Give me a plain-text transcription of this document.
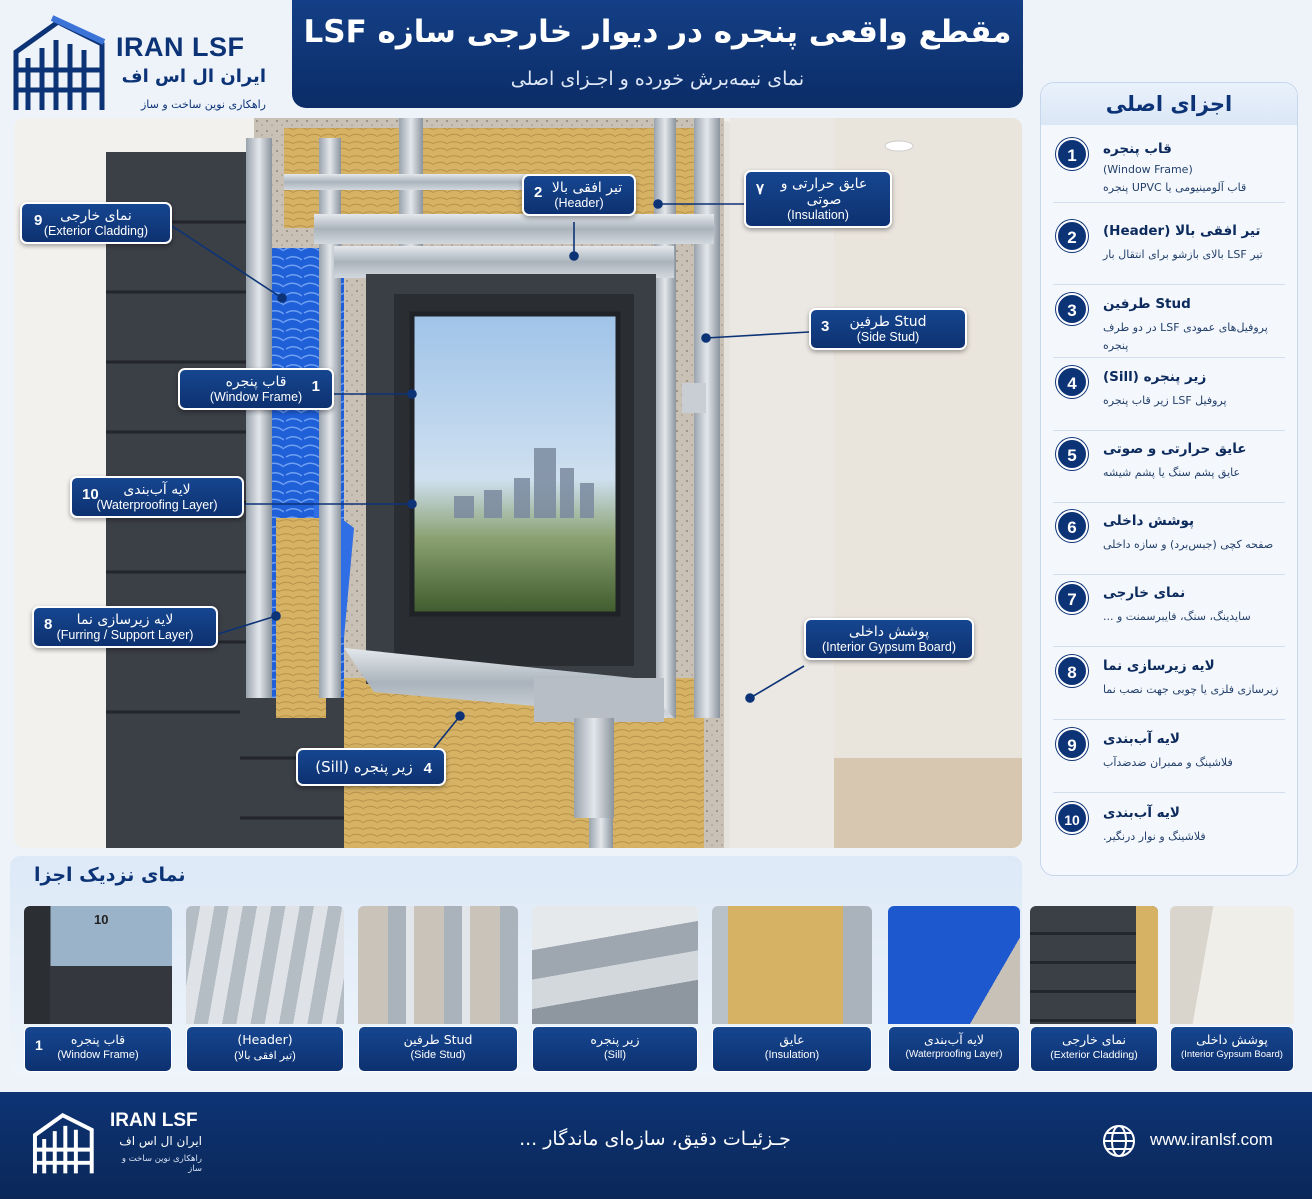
IRAN LSF
ایران ال اس اف
راهکاری نوین ساخت و ساز
مقطع واقعی پنجره در دیوار خارجی سازه LSF
نمای نیمه‌برش خورده و اجـزای اصلی
9	نمای خارجی
(Exterior Cladding)
2 تیر افقی بالا
(Header)
۷	عایق حرارتی و صوتی
(Insulation)
3	Stud طرفین
(Side Stud)
1
قاب پنجره
(Window Frame)
10	لایه آب‌بندی
(Waterproofing Layer)
8	لایه زیرسازی نما
(Furring / Support Layer)	پوشش داخلی
(Interior Gypsum Board)
4
زیر پنجره (Sill)
اجزای اصلی
1	قاب پنجره
(Window Frame)
قاب آلومینیومی یا UPVC پنجره
2	تیر افقی بالا (Header)
تیر LSF بالای بازشو برای انتقال بار
3	Stud طرفین
پروفیل‌های عمودی LSF در دو طرف پنجره
4	زیر پنجره (Sill)
پروفیل LSF زیر قاب پنجره
5	عایق حرارتی و صوتی
عایق پشم سنگ یا پشم شیشه
6	پوشش داخلی
صفحه کچی (جبس‌برد) و سازه داخلی
7	نمای خارجی
سایدینگ، سنگ، فایبرسمنت و ...
8	لایه زیرسازی نما
زیرسازی فلزی یا چوبی جهت نصب نما
9	لایه آب‌بندی
فلاشینگ و ممبران ضدضدآب
10	لایه آب‌بندی
فلاشینگ و نوار درنگیر.
نمای نزدیک اجزا
10
1	قاب پنجره
(Window Frame)
(Header)
(تیر افقی بالا)
Stud طرفین
(Side Stud)
زیر پنجره
(Sill)
عایق
(Insulation)
لایه آب‌بندی
(Waterproofing Layer)
نمای خارجی
(Exterior Cladding)
پوشش داخلی
(Interior Gypsum Board)
IRAN LSF
ایران ال اس اف
راهکاری نوین ساخت و ساز
جـزئیـات دقیق، سازه‌ای ماندگار ...	www.iranlsf.com
